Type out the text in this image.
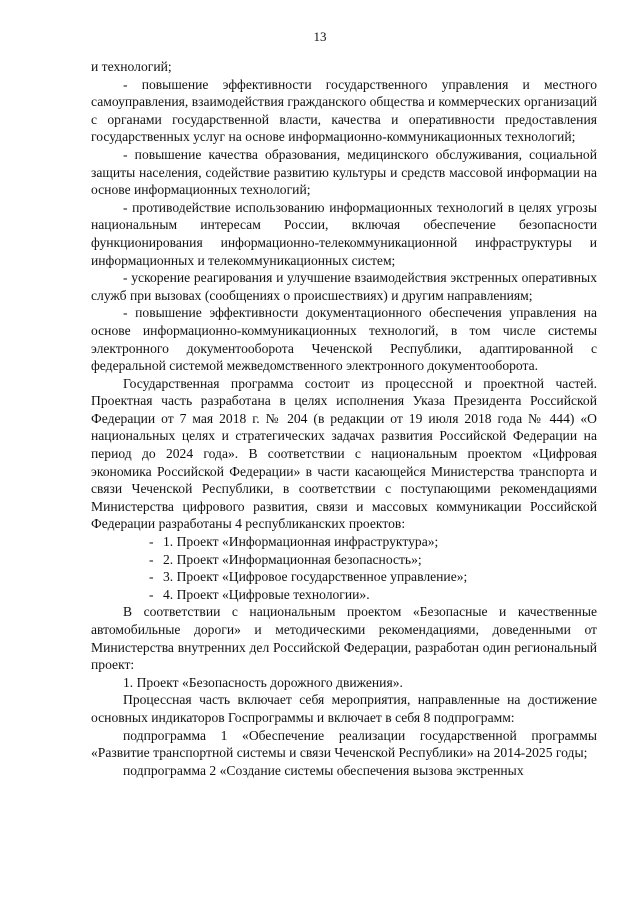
13

и технологий;

- повышение эффективности государственного управления и местного самоуправления, взаимодействия гражданского общества и коммерческих организаций с органами государственной власти, качества и оперативности предоставления государственных услуг на основе информационно-коммуникационных технологий;

- повышение качества образования, медицинского обслуживания, социальной защиты населения, содействие развитию культуры и средств массовой информации на основе информационных технологий;

- противодействие использованию информационных технологий в целях угрозы национальным интересам России, включая обеспечение безопасности функционирования информационно-телекоммуникационной инфраструктуры и информационных и телекоммуникационных систем;

- ускорение реагирования и улучшение взаимодействия экстренных оперативных служб при вызовах (сообщениях о происшествиях) и другим направлениям;

- повышение эффективности документационного обеспечения управления на основе информационно-коммуникационных технологий, в том числе системы электронного документооборота Чеченской Республики, адаптированной с федеральной системой межведомственного электронного документооборота.

Государственная программа состоит из процессной и проектной частей. Проектная часть разработана в целях исполнения Указа Президента Российской Федерации от 7 мая 2018 г. № 204 (в редакции от 19 июля 2018 года № 444) «О национальных целях и стратегических задачах развития Российской Федерации на период до 2024 года». В соответствии с национальным проектом «Цифровая экономика Российской Федерации» в части касающейся Министерства транспорта и связи Чеченской Республики, в соответствии с поступающими рекомендациями Министерства цифрового развития, связи и массовых коммуникации Российской Федерации разработаны 4 республиканских проектов:

- 1. Проект «Информационная инфраструктура»;
- 2. Проект «Информационная безопасность»;
- 3. Проект «Цифровое государственное управление»;
- 4. Проект «Цифровые технологии».

В соответствии с национальным проектом «Безопасные и качественные автомобильные дороги» и методическими рекомендациями, доведенными от Министерства внутренних дел Российской Федерации, разработан один региональный проект:

1. Проект «Безопасность дорожного движения».

Процессная часть включает себя мероприятия, направленные на достижение основных индикаторов Госпрограммы и включает в себя 8 подпрограмм:

подпрограмма 1 «Обеспечение реализации государственной программы «Развитие транспортной системы и связи Чеченской Республики» на 2014-2025 годы;

подпрограмма 2 «Создание системы обеспечения вызова экстренных
